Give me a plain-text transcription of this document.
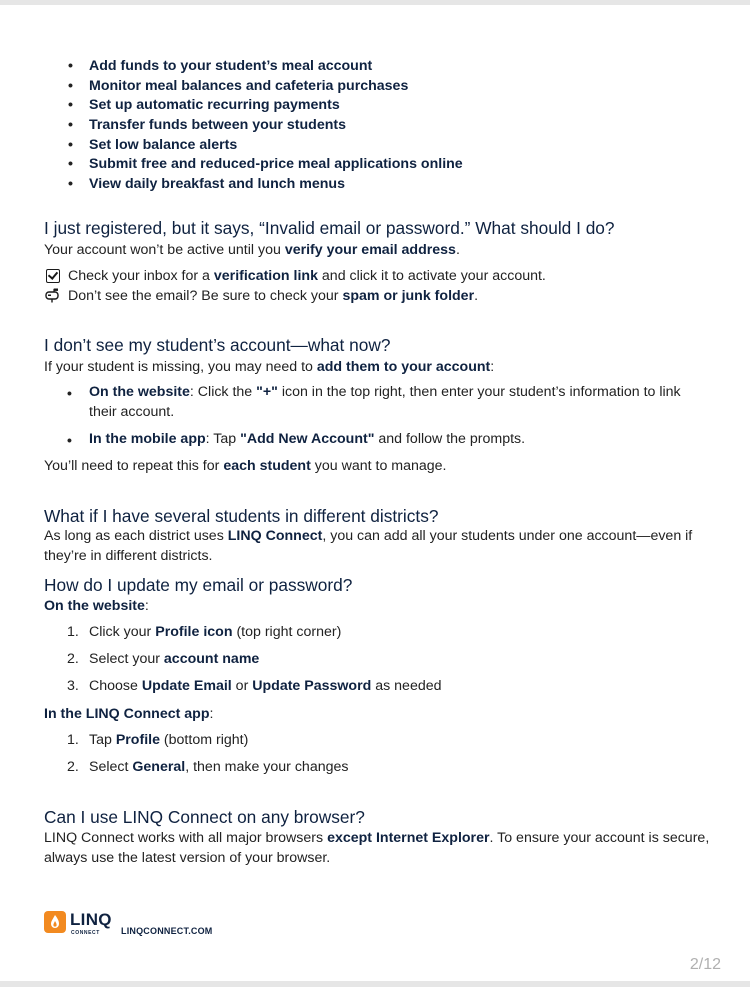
• Add funds to your student’s meal account
• Monitor meal balances and cafeteria purchases
• Set up automatic recurring payments
• Transfer funds between your students
• Set low balance alerts
• Submit free and reduced-price meal applications online
• View daily breakfast and lunch menus
I just registered, but it says, “Invalid email or password.” What should I do?
Your account won’t be active until you verify your email address.
Check your inbox for a verification link and click it to activate your account.
Don’t see the email? Be sure to check your spam or junk folder.
I don’t see my student’s account—what now?
If your student is missing, you may need to add them to your account:
• On the website: Click the "+" icon in the top right, then enter your student’s information to link their account.
• In the mobile app: Tap "Add New Account" and follow the prompts.
You’ll need to repeat this for each student you want to manage.
What if I have several students in different districts?
As long as each district uses LINQ Connect, you can add all your students under one account—even if they’re in different districts.
How do I update my email or password?
On the website:
1. Click your Profile icon (top right corner)
2. Select your account name
3. Choose Update Email or Update Password as needed
In the LINQ Connect app:
1. Tap Profile (bottom right)
2. Select General, then make your changes
Can I use LINQ Connect on any browser?
LINQ Connect works with all major browsers except Internet Explorer. To ensure your account is secure, always use the latest version of your browser.
LINQ
CONNECT LINQCONNECT.COM
2/12
